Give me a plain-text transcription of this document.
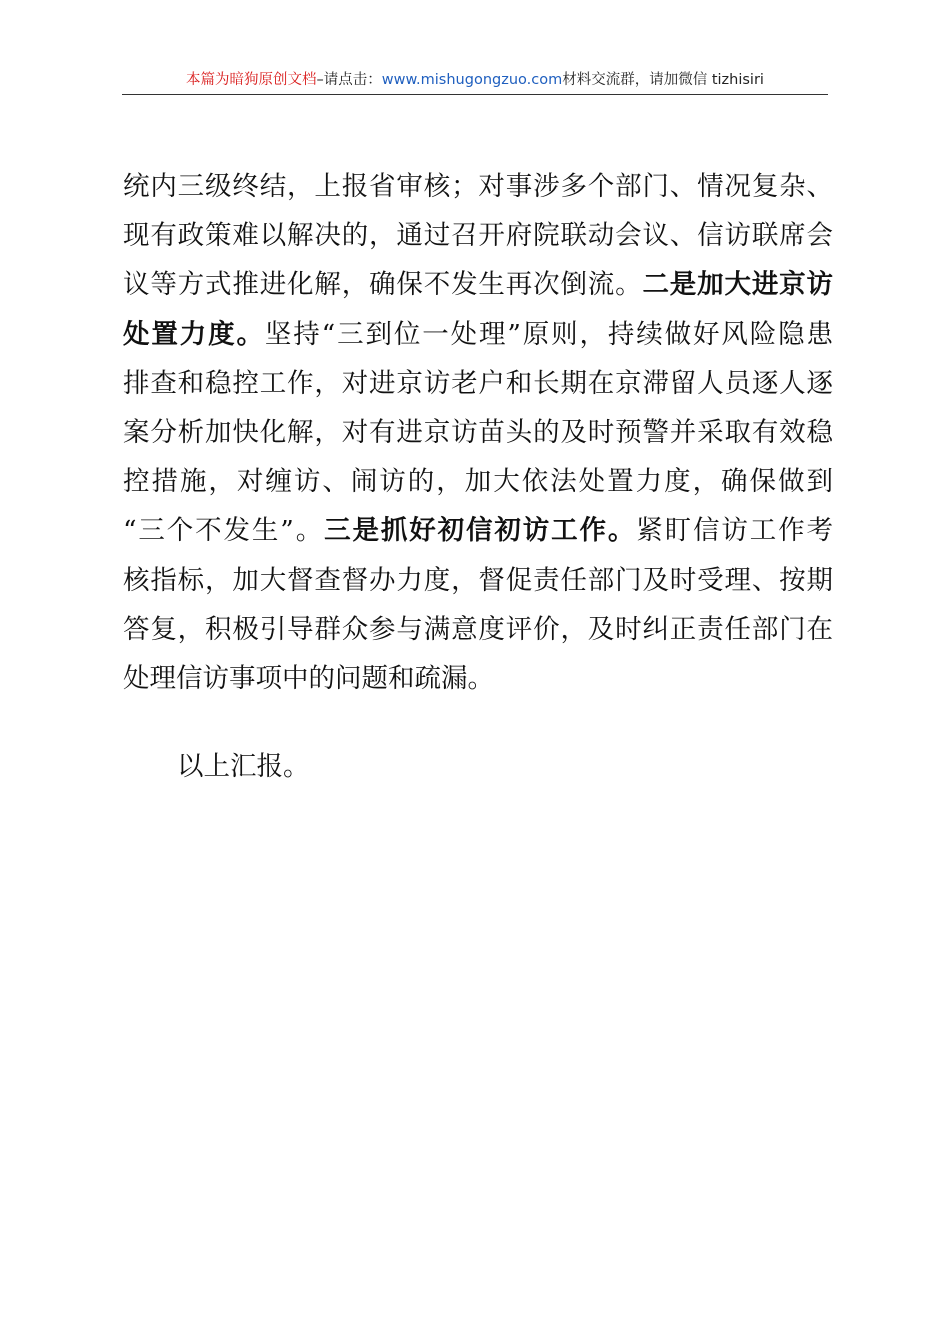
本篇为暗狗原创文档–请点击：www.mishugongzuo.com材料交流群，请加微信 tizhisiri
统内三级终结，上报省审核；对事涉多个部门、情况复杂、
现有政策难以解决的，通过召开府院联动会议、信访联席会
议等方式推进化解，确保不发生再次倒流。二是加大进京访
处置力度。坚持“三到位一处理”原则，持续做好风险隐患
排查和稳控工作，对进京访老户和长期在京滞留人员逐人逐
案分析加快化解，对有进京访苗头的及时预警并采取有效稳
控措施，对缠访、闹访的，加大依法处置力度，确保做到
“三个不发生”。三是抓好初信初访工作。紧盯信访工作考
核指标，加大督查督办力度，督促责任部门及时受理、按期
答复，积极引导群众参与满意度评价，及时纠正责任部门在
处理信访事项中的问题和疏漏。
以上汇报。
